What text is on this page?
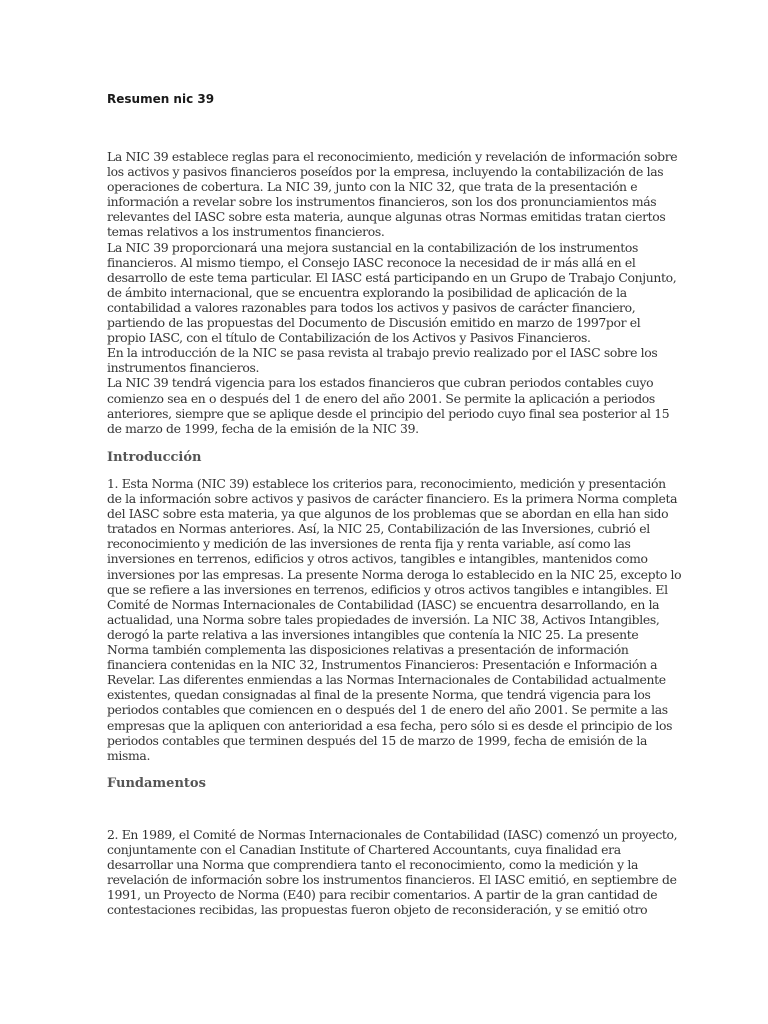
Resumen nic 39

La NIC 39 establece reglas para el reconocimiento, medición y revelación de información sobre
los activos y pasivos financieros poseídos por la empresa, incluyendo la contabilización de las
operaciones de cobertura. La NIC 39, junto con la NIC 32, que trata de la presentación e
información a revelar sobre los instrumentos financieros, son los dos pronunciamientos más
relevantes del IASC sobre esta materia, aunque algunas otras Normas emitidas tratan ciertos
temas relativos a los instrumentos financieros.

La NIC 39 proporcionará una mejora sustancial en la contabilización de los instrumentos
financieros. Al mismo tiempo, el Consejo IASC reconoce la necesidad de ir más allá en el
desarrollo de este tema particular. El IASC está participando en un Grupo de Trabajo Conjunto,
de ámbito internacional, que se encuentra explorando la posibilidad de aplicación de la
contabilidad a valores razonables para todos los activos y pasivos de carácter financiero,
partiendo de las propuestas del Documento de Discusión emitido en marzo de 1997por el
propio IASC, con el título de Contabilización de los Activos y Pasivos Financieros.

En la introducción de la NIC se pasa revista al trabajo previo realizado por el IASC sobre los
instrumentos financieros.

La NIC 39 tendrá vigencia para los estados financieros que cubran periodos contables cuyo
comienzo sea en o después del 1 de enero del año 2001. Se permite la aplicación a periodos
anteriores, siempre que se aplique desde el principio del periodo cuyo final sea posterior al 15
de marzo de 1999, fecha de la emisión de la NIC 39.

Introducción

1. Esta Norma (NIC 39) establece los criterios para, reconocimiento, medición y presentación
de la información sobre activos y pasivos de carácter financiero. Es la primera Norma completa
del IASC sobre esta materia, ya que algunos de los problemas que se abordan en ella han sido
tratados en Normas anteriores. Así, la NIC 25, Contabilización de las Inversiones, cubrió el
reconocimiento y medición de las inversiones de renta fija y renta variable, así como las
inversiones en terrenos, edificios y otros activos, tangibles e intangibles, mantenidos como
inversiones por las empresas. La presente Norma deroga lo establecido en la NIC 25, excepto lo
que se refiere a las inversiones en terrenos, edificios y otros activos tangibles e intangibles. El
Comité de Normas Internacionales de Contabilidad (IASC) se encuentra desarrollando, en la
actualidad, una Norma sobre tales propiedades de inversión. La NIC 38, Activos Intangibles,
derogó la parte relativa a las inversiones intangibles que contenía la NIC 25. La presente
Norma también complementa las disposiciones relativas a presentación de información
financiera contenidas en la NIC 32, Instrumentos Financieros: Presentación e Información a
Revelar. Las diferentes enmiendas a las Normas Internacionales de Contabilidad actualmente
existentes, quedan consignadas al final de la presente Norma, que tendrá vigencia para los
periodos contables que comiencen en o después del 1 de enero del año 2001. Se permite a las
empresas que la apliquen con anterioridad a esa fecha, pero sólo si es desde el principio de los
periodos contables que terminen después del 15 de marzo de 1999, fecha de emisión de la
misma.

Fundamentos

2. En 1989, el Comité de Normas Internacionales de Contabilidad (IASC) comenzó un proyecto,
conjuntamente con el Canadian Institute of Chartered Accountants, cuya finalidad era
desarrollar una Norma que comprendiera tanto el reconocimiento, como la medición y la
revelación de información sobre los instrumentos financieros. El IASC emitió, en septiembre de
1991, un Proyecto de Norma (E40) para recibir comentarios. A partir de la gran cantidad de
contestaciones recibidas, las propuestas fueron objeto de reconsideración, y se emitió otro
